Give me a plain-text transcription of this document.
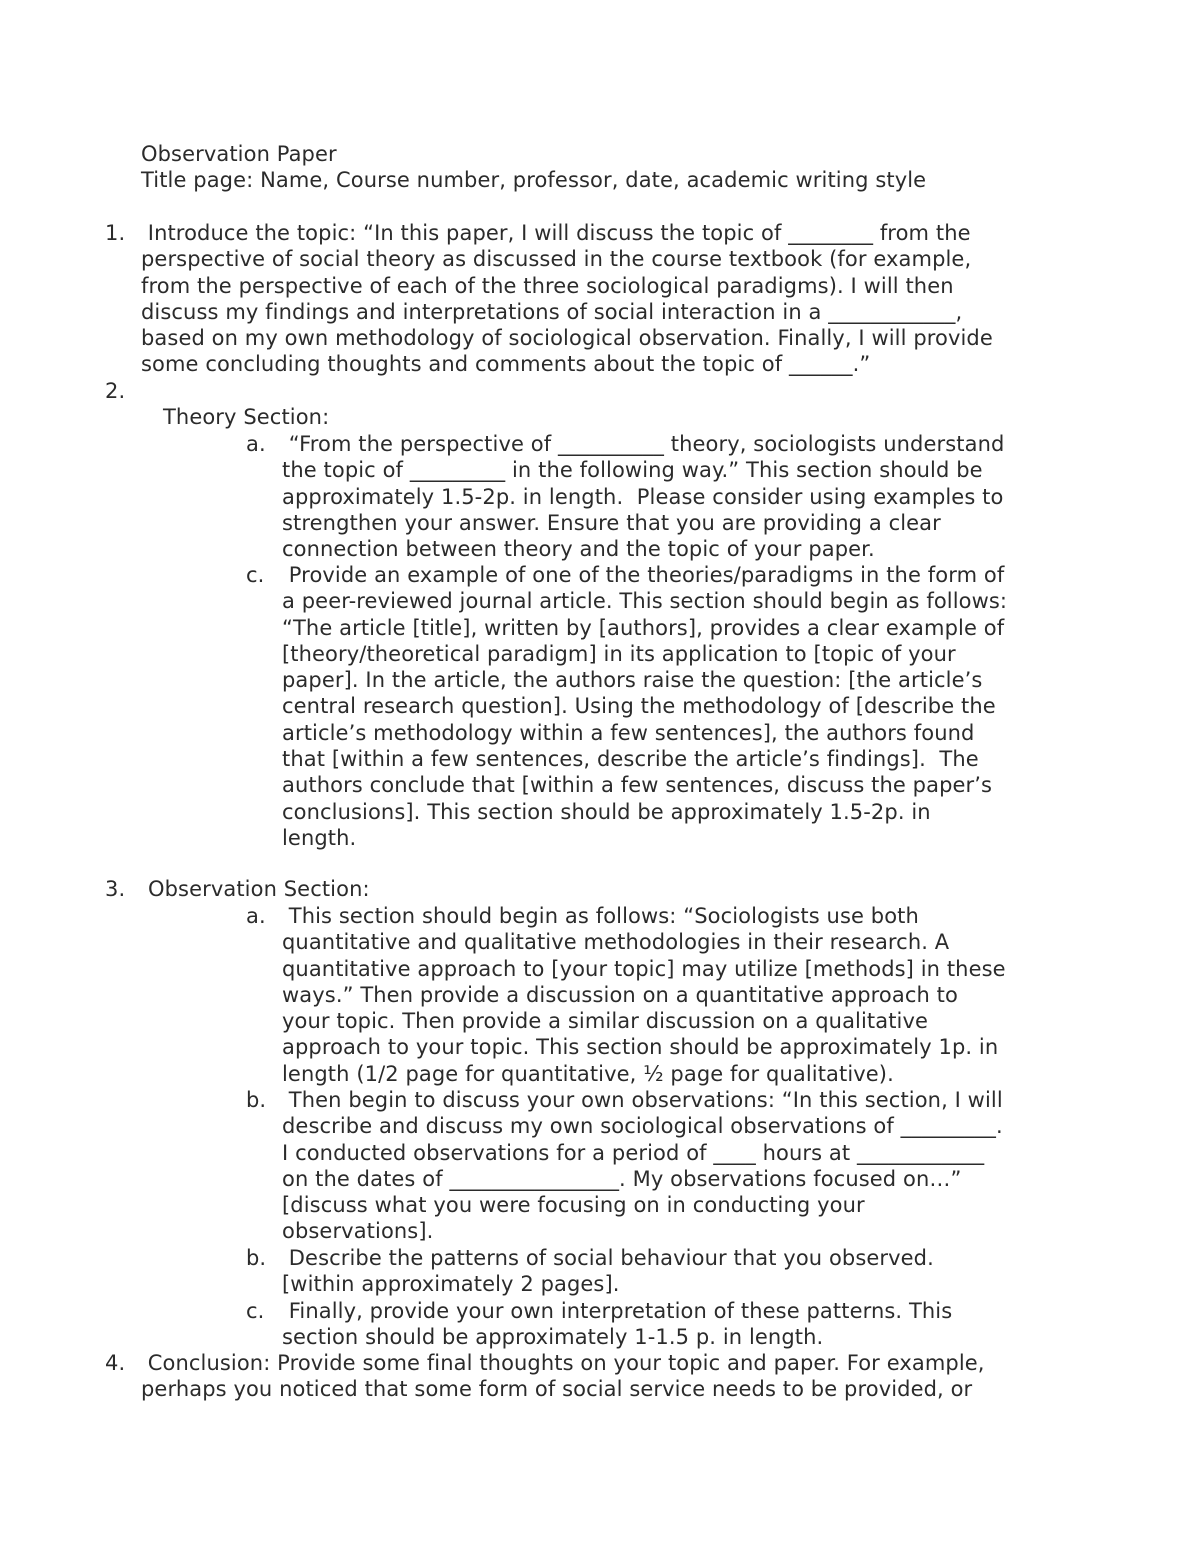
Observation Paper
Title page: Name, Course number, professor, date, academic writing style
1. Introduce the topic: “In this paper, I will discuss the topic of ________ from the
perspective of social theory as discussed in the course textbook (for example,
from the perspective of each of the three sociological paradigms). I will then
discuss my findings and interpretations of social interaction in a ____________,
based on my own methodology of sociological observation. Finally, I will provide
some concluding thoughts and comments about the topic of ______.”
2.
Theory Section:
a. “From the perspective of __________ theory, sociologists understand
the topic of _________ in the following way.” This section should be
approximately 1.5-2p. in length.  Please consider using examples to
strengthen your answer. Ensure that you are providing a clear
connection between theory and the topic of your paper.
c. Provide an example of one of the theories/paradigms in the form of
a peer-reviewed journal article. This section should begin as follows:
“The article [title], written by [authors], provides a clear example of
[theory/theoretical paradigm] in its application to [topic of your
paper]. In the article, the authors raise the question: [the article’s
central research question]. Using the methodology of [describe the
article’s methodology within a few sentences], the authors found
that [within a few sentences, describe the article’s findings].  The
authors conclude that [within a few sentences, discuss the paper’s
conclusions]. This section should be approximately 1.5-2p. in
length.
3. Observation Section:
a. This section should begin as follows: “Sociologists use both
quantitative and qualitative methodologies in their research. A
quantitative approach to [your topic] may utilize [methods] in these
ways.” Then provide a discussion on a quantitative approach to
your topic. Then provide a similar discussion on a qualitative
approach to your topic. This section should be approximately 1p. in
length (1/2 page for quantitative, ½ page for qualitative).
b. Then begin to discuss your own observations: “In this section, I will
describe and discuss my own sociological observations of _________.
I conducted observations for a period of ____ hours at ____________
on the dates of ________________. My observations focused on…”
[discuss what you were focusing on in conducting your
observations].
b. Describe the patterns of social behaviour that you observed.
[within approximately 2 pages].
c. Finally, provide your own interpretation of these patterns. This
section should be approximately 1-1.5 p. in length.
4. Conclusion: Provide some final thoughts on your topic and paper. For example,
perhaps you noticed that some form of social service needs to be provided, or
